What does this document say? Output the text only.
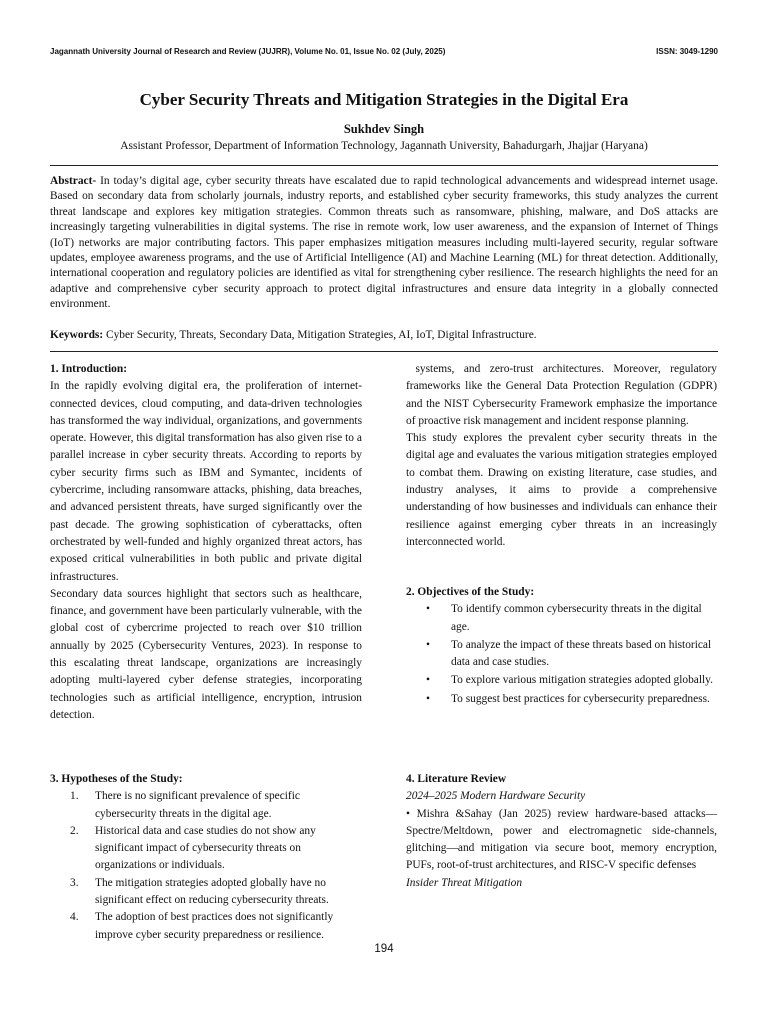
Jagannath University Journal of Research and Review (JUJRR), Volume No. 01, Issue No. 02 (July, 2025)	ISSN: 3049-1290
Cyber Security Threats and Mitigation Strategies in the Digital Era
Sukhdev Singh
Assistant Professor, Department of Information Technology, Jagannath University, Bahadurgarh, Jhajjar (Haryana)
Abstract- In today’s digital age, cyber security threats have escalated due to rapid technological advancements and widespread internet usage. Based on secondary data from scholarly journals, industry reports, and established cyber security frameworks, this study analyzes the current threat landscape and explores key mitigation strategies. Common threats such as ransomware, phishing, malware, and DoS attacks are increasingly targeting vulnerabilities in digital systems. The rise in remote work, low user awareness, and the expansion of Internet of Things (IoT) networks are major contributing factors. This paper emphasizes mitigation measures including multi-layered security, regular software updates, employee awareness programs, and the use of Artificial Intelligence (AI) and Machine Learning (ML) for threat detection. Additionally, international cooperation and regulatory policies are identified as vital for strengthening cyber resilience. The research highlights the need for an adaptive and comprehensive cyber security approach to protect digital infrastructures and ensure data integrity in a globally connected environment.
Keywords: Cyber Security, Threats, Secondary Data, Mitigation Strategies, AI, IoT, Digital Infrastructure.

1. Introduction:

In the rapidly evolving digital era, the proliferation of internet-connected devices, cloud computing, and data-driven technologies has transformed the way individual, organizations, and governments operate. However, this digital transformation has also given rise to a parallel increase in cyber security threats. According to reports by cyber security firms such as IBM and Symantec, incidents of cybercrime, including ransomware attacks, phishing, data breaches, and advanced persistent threats, have surged significantly over the past decade. The growing sophistication of cyberattacks, often orchestrated by well-funded and highly organized threat actors, has exposed critical vulnerabilities in both public and private digital infrastructures.

Secondary data sources highlight that sectors such as healthcare, finance, and government have been particularly vulnerable, with the global cost of cybercrime projected to reach over $10 trillion annually by 2025 (Cybersecurity Ventures, 2023). In response to this escalating threat landscape, organizations are increasingly adopting multi-layered cyber defense strategies, incorporating technologies such as artificial intelligence, encryption, intrusion detection.

3. Hypotheses of the Study:

1.	There is no significant prevalence of specific cybersecurity threats in the digital age.
2.	Historical data and case studies do not show any significant impact of cybersecurity threats on organizations or individuals.
3.	The mitigation strategies adopted globally have no significant effect on reducing cybersecurity threats.
4.	The adoption of best practices does not significantly improve cyber security preparedness or resilience.

systems, and zero-trust architectures. Moreover, regulatory frameworks like the General Data Protection Regulation (GDPR) and the NIST Cybersecurity Framework emphasize the importance of proactive risk management and incident response planning.

This study explores the prevalent cyber security threats in the digital age and evaluates the various mitigation strategies employed to combat them. Drawing on existing literature, case studies, and industry analyses, it aims to provide a comprehensive understanding of how businesses and individuals can enhance their resilience against emerging cyber threats in an increasingly interconnected world.

2. Objectives of the Study:

• To identify common cybersecurity threats in the digital age.
• To analyze the impact of these threats based on historical data and case studies.
• To explore various mitigation strategies adopted globally.
• To suggest best practices for cybersecurity preparedness.

4. Literature Review

2024–2025 Modern Hardware Security

• Mishra &Sahay (Jan 2025) review hardware-based attacks—Spectre/Meltdown, power and electromagnetic side-channels, glitching—and mitigation via secure boot, memory encryption, PUFs, root-of-trust architectures, and RISC-V specific defenses

Insider Threat Mitigation

194
